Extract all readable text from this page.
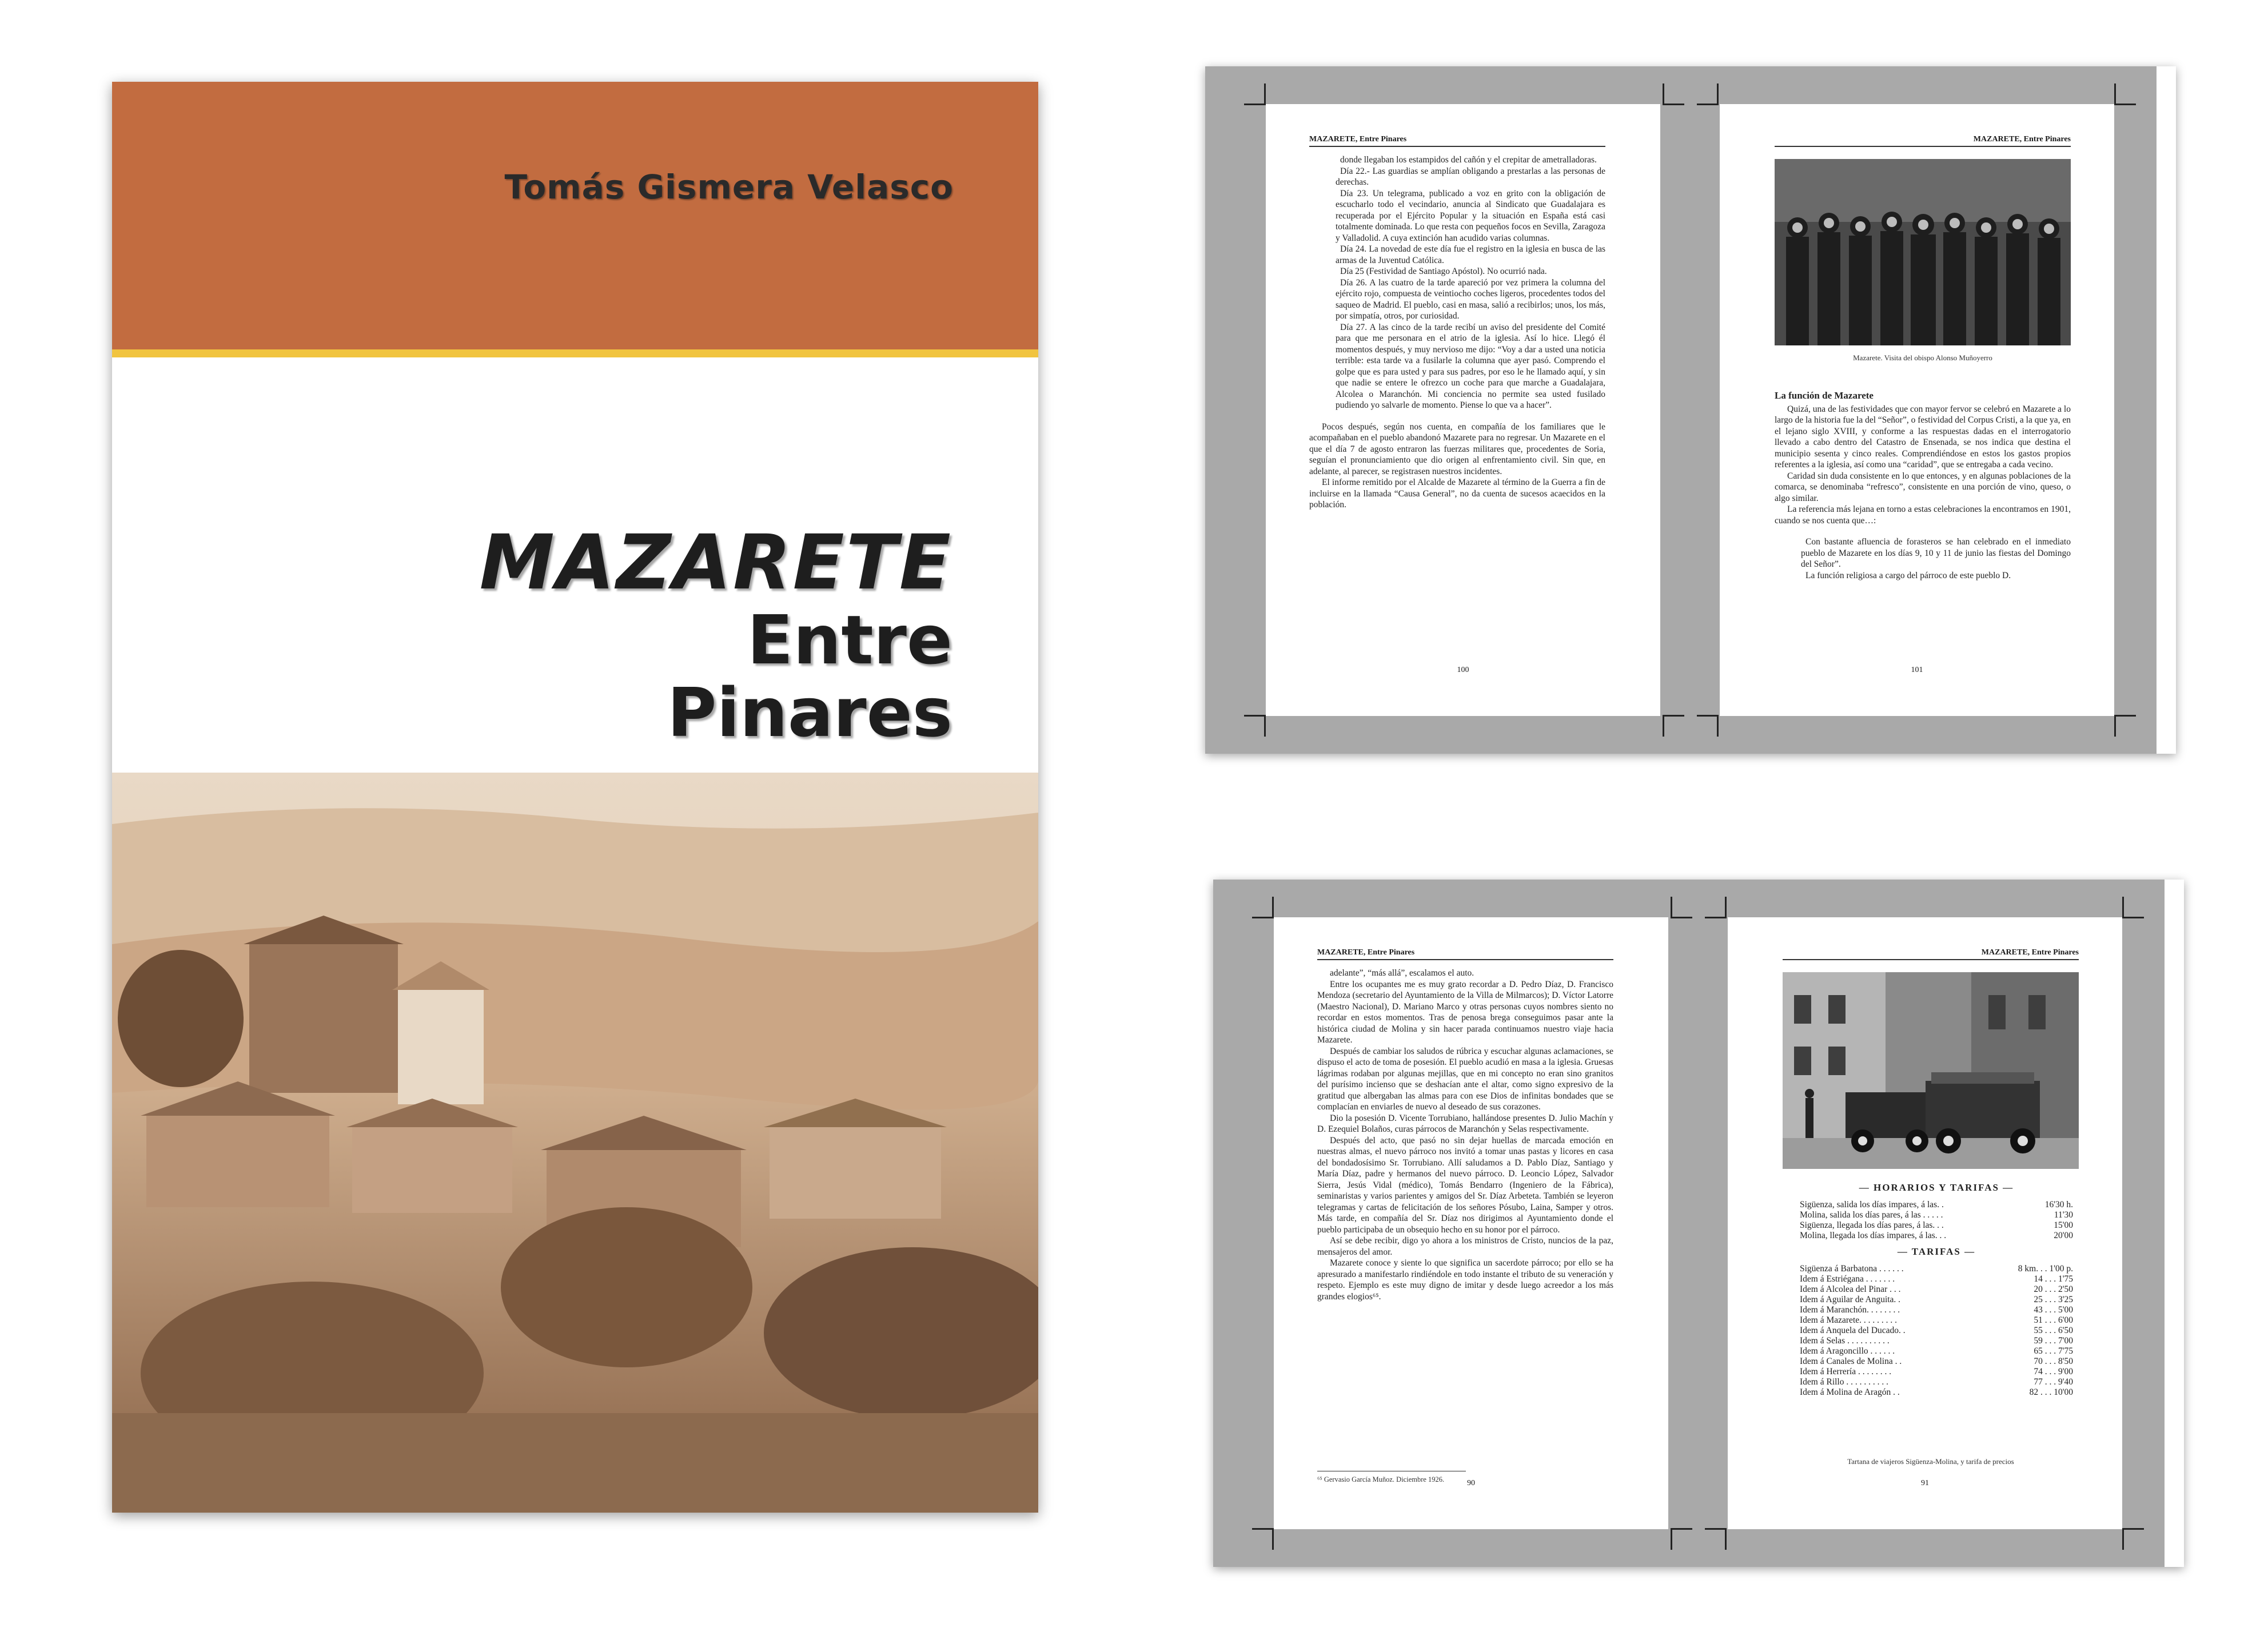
Tomás Gismera Velasco
MAZARETE
Entre
Pinares
MAZARETE, Entre Pinares

donde llegaban los estampidos del cañón y el crepitar de ametralladoras.

Día 22.- Las guardias se amplían obligando a prestarlas a las personas de derechas.

Día 23. Un telegrama, publicado a voz en grito con la obligación de escucharlo todo el vecindario, anuncia al Sindicato que Guadalajara es recuperada por el Ejército Popular y la situación en España está casi totalmente dominada. Lo que resta con pequeños focos en Sevilla, Zaragoza y Valladolid. A cuya extinción han acudido varias columnas.

Día 24. La novedad de este día fue el registro en la iglesia en busca de las armas de la Juventud Católica.

Día 25 (Festividad de Santiago Apóstol). No ocurrió nada.

Día 26. A las cuatro de la tarde apareció por vez primera la columna del ejército rojo, compuesta de veintiocho coches ligeros, procedentes todos del saqueo de Madrid. El pueblo, casi en masa, salió a recibirlos; unos, los más, por simpatía, otros, por curiosidad.

Día 27. A las cinco de la tarde recibí un aviso del presidente del Comité para que me personara en el atrio de la iglesia. Así lo hice. Llegó él momentos después, y muy nervioso me dijo: “Voy a dar a usted una noticia terrible: esta tarde va a fusilarle la columna que ayer pasó. Comprendo el golpe que es para usted y para sus padres, por eso le he llamado aquí, y sin que nadie se entere le ofrezco un coche para que marche a Guadalajara, Alcolea o Maranchón. Mi conciencia no permite sea usted fusilado pudiendo yo salvarle de momento. Piense lo que va a hacer”.

Pocos después, según nos cuenta, en compañía de los familiares que le acompañaban en el pueblo abandonó Mazarete para no regresar. Un Mazarete en el que el día 7 de agosto entraron las fuerzas militares que, procedentes de Soria, seguían el pronunciamiento que dio origen al enfrentamiento civil. Sin que, en adelante, al parecer, se registrasen nuestros incidentes.

El informe remitido por el Alcalde de Mazarete al término de la Guerra a fin de incluirse en la llamada “Causa General”, no da cuenta de sucesos acaecidos en la población.

100
MAZARETE, Entre Pinares
Mazarete. Visita del obispo Alonso Muñoyerro
La función de Mazarete

Quizá, una de las festividades que con mayor fervor se celebró en Mazarete a lo largo de la historia fue la del “Señor”, o festividad del Corpus Cristi, a la que ya, en el lejano siglo XVIII, y conforme a las respuestas dadas en el interrogatorio llevado a cabo dentro del Catastro de Ensenada, se nos indica que destina el municipio sesenta y cinco reales. Comprendiéndose en estos los gastos propios referentes a la iglesia, así como una “caridad”, que se entregaba a cada vecino.

Caridad sin duda consistente en lo que entonces, y en algunas poblaciones de la comarca, se denominaba “refresco”, consistente en una porción de vino, queso, o algo similar.

La referencia más lejana en torno a estas celebraciones la encontramos en 1901, cuando se nos cuenta que…:

Con bastante afluencia de forasteros se han celebrado en el inmediato pueblo de Mazarete en los días 9, 10 y 11 de junio las fiestas del Domingo del Señor”.

La función religiosa a cargo del párroco de este pueblo D.

101
MAZARETE, Entre Pinares

adelante”, “más allá”, escalamos el auto.

Entre los ocupantes me es muy grato recordar a D. Pedro Díaz, D. Francisco Mendoza (secretario del Ayuntamiento de la Villa de Milmarcos); D. Víctor Latorre (Maestro Nacional), D. Mariano Marco y otras personas cuyos nombres siento no recordar en estos momentos. Tras de penosa brega conseguimos pasar ante la histórica ciudad de Molina y sin hacer parada continuamos nuestro viaje hacia Mazarete.

Después de cambiar los saludos de rúbrica y escuchar algunas aclamaciones, se dispuso el acto de toma de posesión. El pueblo acudió en masa a la iglesia. Gruesas lágrimas rodaban por algunas mejillas, que en mi concepto no eran sino granitos del purísimo incienso que se deshacían ante el altar, como signo expresivo de la gratitud que albergaban las almas para con ese Dios de infinitas bondades que se complacían en enviarles de nuevo al deseado de sus corazones.

Dio la posesión D. Vicente Torrubiano, hallándose presentes D. Julio Machín y D. Ezequiel Bolaños, curas párrocos de Maranchón y Selas respectivamente.

Después del acto, que pasó no sin dejar huellas de marcada emoción en nuestras almas, el nuevo párroco nos invitó a tomar unas pastas y licores en casa del bondadosísimo Sr. Torrubiano. Allí saludamos a D. Pablo Díaz, Santiago y María Díaz, padre y hermanos del nuevo párroco. D. Leoncio López, Salvador Sierra, Jesús Vidal (médico), Tomás Bendarro (Ingeniero de la Fábrica), seminaristas y varios parientes y amigos del Sr. Díaz Arbeteta. También se leyeron telegramas y cartas de felicitación de los señores Pósubo, Laina, Samper y otros. Más tarde, en compañía del Sr. Díaz nos dirigimos al Ayuntamiento donde el pueblo participaba de un obsequio hecho en su honor por el párroco.

Así se debe recibir, digo yo ahora a los ministros de Cristo, nuncios de la paz, mensajeros del amor.

Mazarete conoce y siente lo que significa un sacerdote párroco; por ello se ha apresurado a manifestarlo rindiéndole en todo instante el tributo de su veneración y respeto. Ejemplo es este muy digno de imitar y desde luego acreedor a los más grandes elogios⁶⁵.

⁶⁵ Gervasio García Muñoz. Diciembre 1926.	90
MAZARETE, Entre Pinares
— HORARIOS Y TARIFAS —
Sigüenza, salida los días impares, á las. .	16'30 h.
Molina, salida los días pares, á las . . . . .	11'30
Sigüenza, llegada los días pares, á las. . .	15'00
Molina, llegada los días impares, á las. . .	20'00
— TARIFAS —
Sigüenza á Barbatona . . . . . .	8 km. . . 1'00 p.
Idem á Estriégana . . . . . . .	14 . . . 1'75
Idem á Alcolea del Pinar . . .	20 . . . 2'50
Idem á Aguilar de Anguita. .	25 . . . 3'25
Idem á Maranchón. . . . . . . .	43 . . . 5'00
Idem á Mazarete. . . . . . . . .	51 . . . 6'00
Idem á Anquela del Ducado. .	55 . . . 6'50
Idem á Selas . . . . . . . . . .	59 . . . 7'00
Idem á Aragoncillo . . . . . .	65 . . . 7'75
Idem á Canales de Molina . .	70 . . . 8'50
Idem á Herrería . . . . . . . .	74 . . . 9'00
Idem á Rillo . . . . . . . . . .	77 . . . 9'40
Idem á Molina de Aragón . .	82 . . . 10'00
Tartana de viajeros Sigüenza-Molina, y tarifa de precios
91
